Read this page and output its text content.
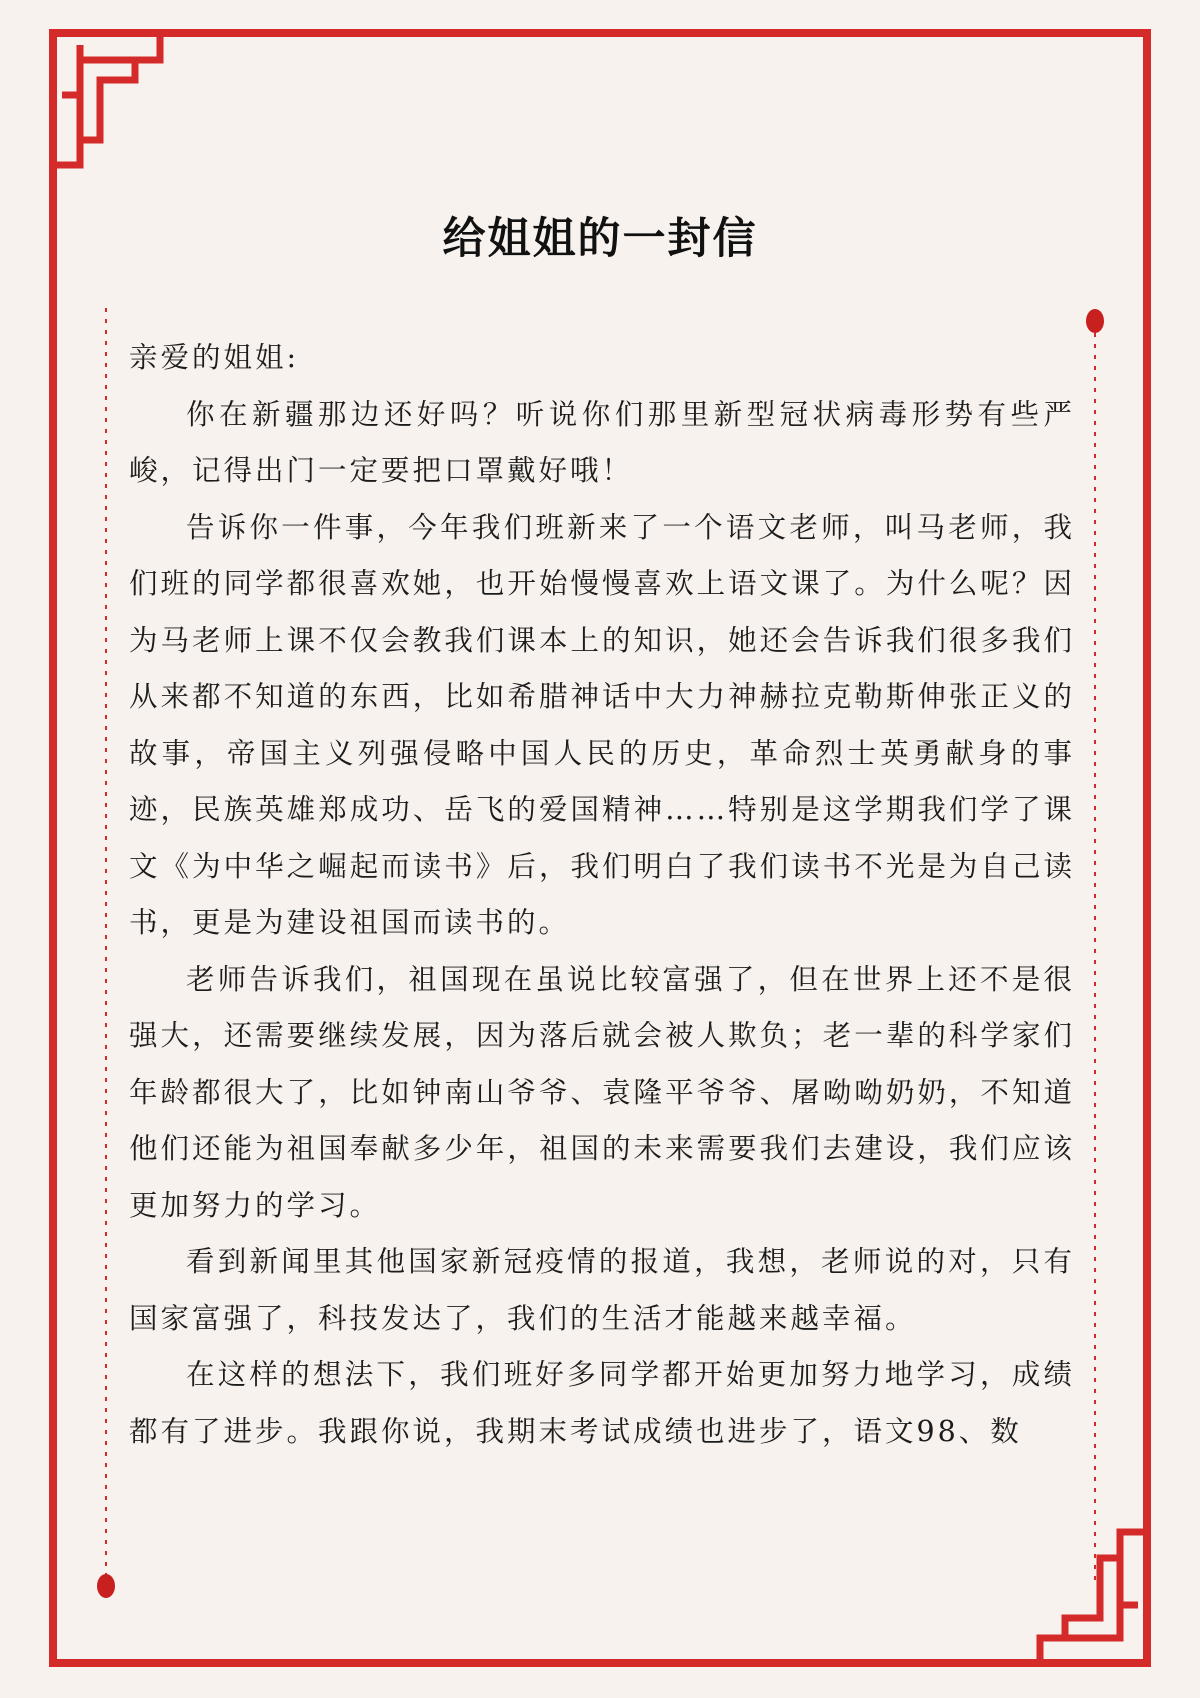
给姐姐的一封信
亲爱的姐姐:

你在新疆那边还好吗？听说你们那里新型冠状病毒形势有些严峻，记得出门一定要把口罩戴好哦！

告诉你一件事，今年我们班新来了一个语文老师，叫马老师，我们班的同学都很喜欢她，也开始慢慢喜欢上语文课了。为什么呢？因为马老师上课不仅会教我们课本上的知识，她还会告诉我们很多我们从来都不知道的东西，比如希腊神话中大力神赫拉克勒斯伸张正义的故事，帝国主义列强侵略中国人民的历史，革命烈士英勇献身的事迹，民族英雄郑成功、岳飞的爱国精神……特别是这学期我们学了课文《为中华之崛起而读书》后，我们明白了我们读书不光是为自己读书，更是为建设祖国而读书的。

老师告诉我们，祖国现在虽说比较富强了，但在世界上还不是很强大，还需要继续发展，因为落后就会被人欺负；老一辈的科学家们年龄都很大了，比如钟南山爷爷、袁隆平爷爷、屠呦呦奶奶，不知道他们还能为祖国奉献多少年，祖国的未来需要我们去建设，我们应该更加努力的学习。

看到新闻里其他国家新冠疫情的报道，我想，老师说的对，只有国家富强了，科技发达了，我们的生活才能越来越幸福。

在这样的想法下，我们班好多同学都开始更加努力地学习，成绩都有了进步。我跟你说，我期末考试成绩也进步了，语文98、数
